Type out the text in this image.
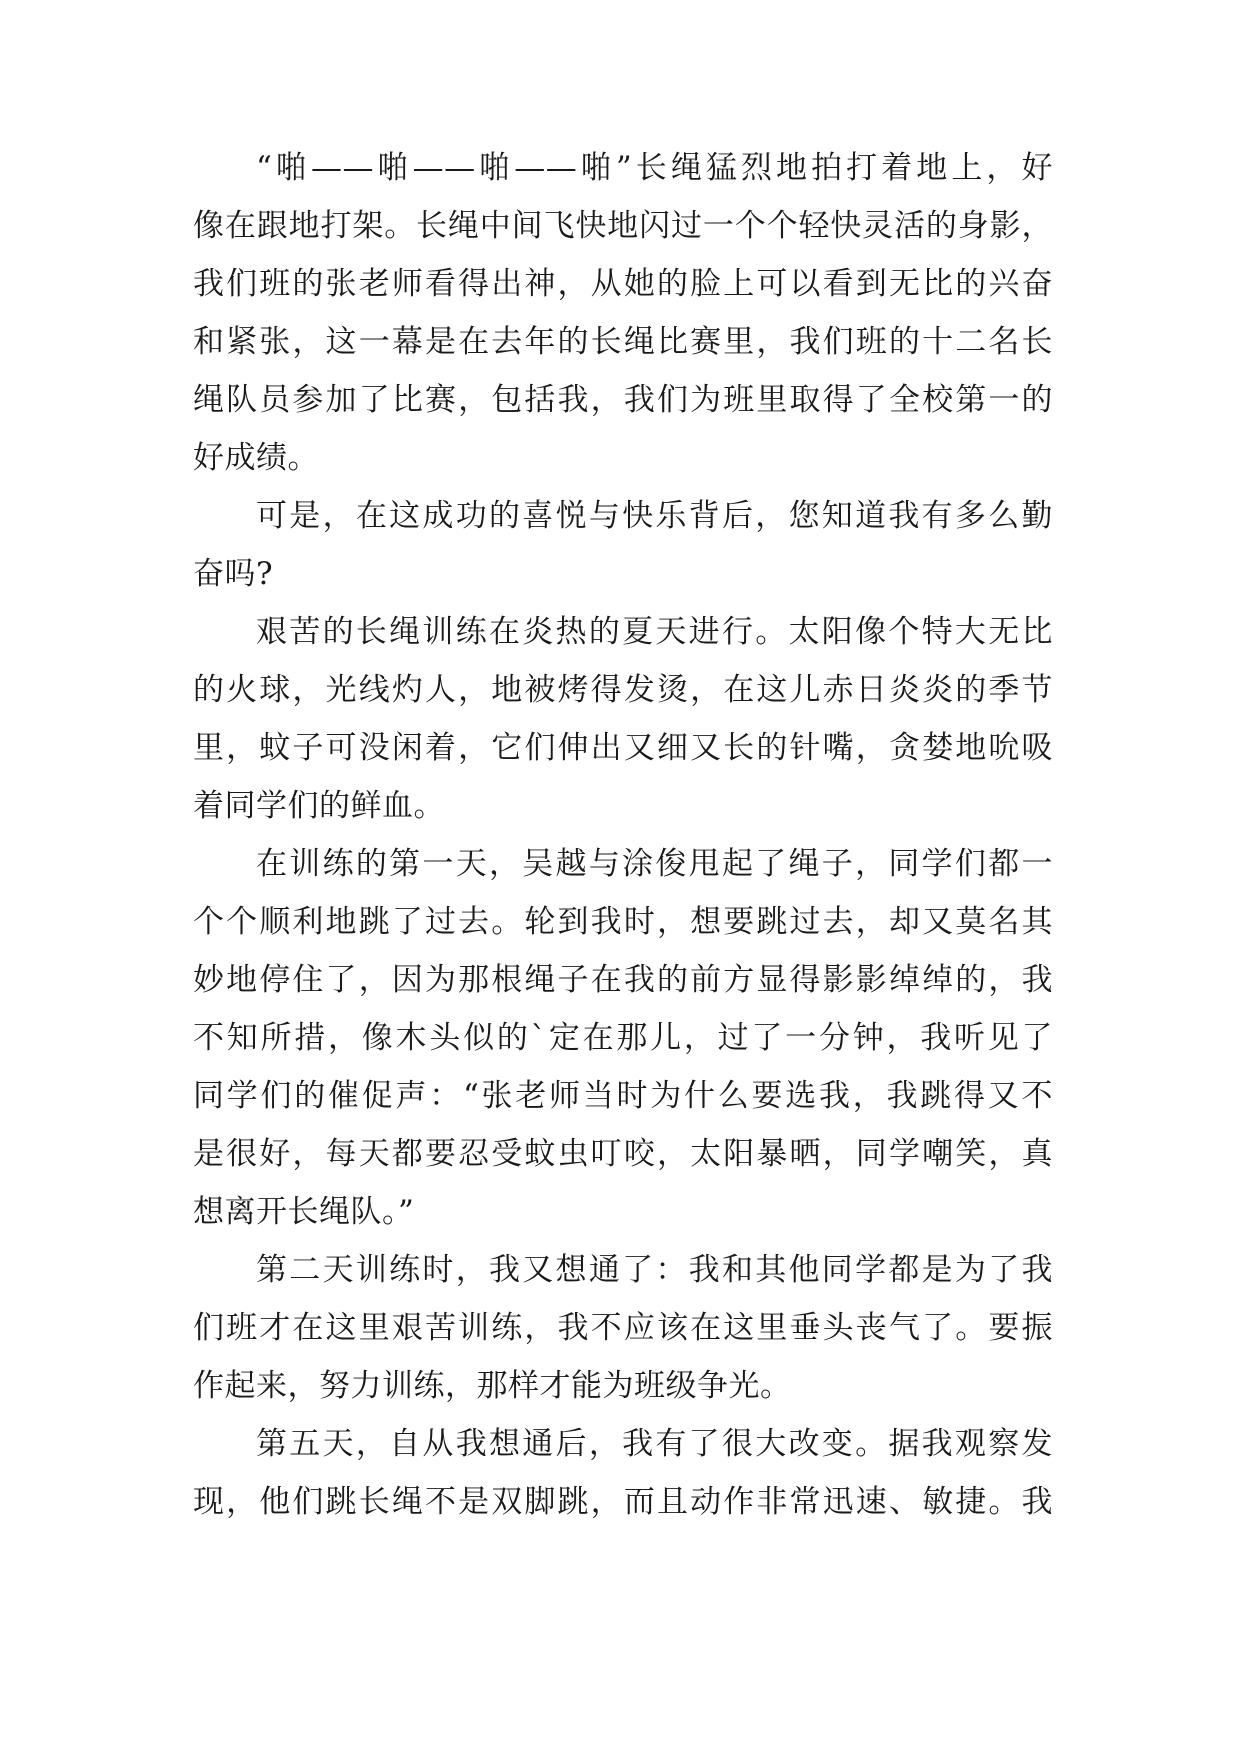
“啪——啪——啪——啪”长绳猛烈地拍打着地上，好
像在跟地打架。长绳中间飞快地闪过一个个轻快灵活的身影，
我们班的张老师看得出神，从她的脸上可以看到无比的兴奋
和紧张，这一幕是在去年的长绳比赛里，我们班的十二名长
绳队员参加了比赛，包括我，我们为班里取得了全校第一的
好成绩。
可是，在这成功的喜悦与快乐背后，您知道我有多么勤
奋吗?
艰苦的长绳训练在炎热的夏天进行。太阳像个特大无比
的火球，光线灼人，地被烤得发烫，在这儿赤日炎炎的季节
里，蚊子可没闲着，它们伸出又细又长的针嘴，贪婪地吮吸
着同学们的鲜血。
在训练的第一天，吴越与涂俊甩起了绳子，同学们都一
个个顺利地跳了过去。轮到我时，想要跳过去，却又莫名其
妙地停住了，因为那根绳子在我的前方显得影影绰绰的，我
不知所措，像木头似的`定在那儿，过了一分钟，我听见了
同学们的催促声：“张老师当时为什么要选我，我跳得又不
是很好，每天都要忍受蚊虫叮咬，太阳暴晒，同学嘲笑，真
想离开长绳队。”
第二天训练时，我又想通了：我和其他同学都是为了我
们班才在这里艰苦训练，我不应该在这里垂头丧气了。要振
作起来，努力训练，那样才能为班级争光。
第五天，自从我想通后，我有了很大改变。据我观察发
现，他们跳长绳不是双脚跳，而且动作非常迅速、敏捷。我
